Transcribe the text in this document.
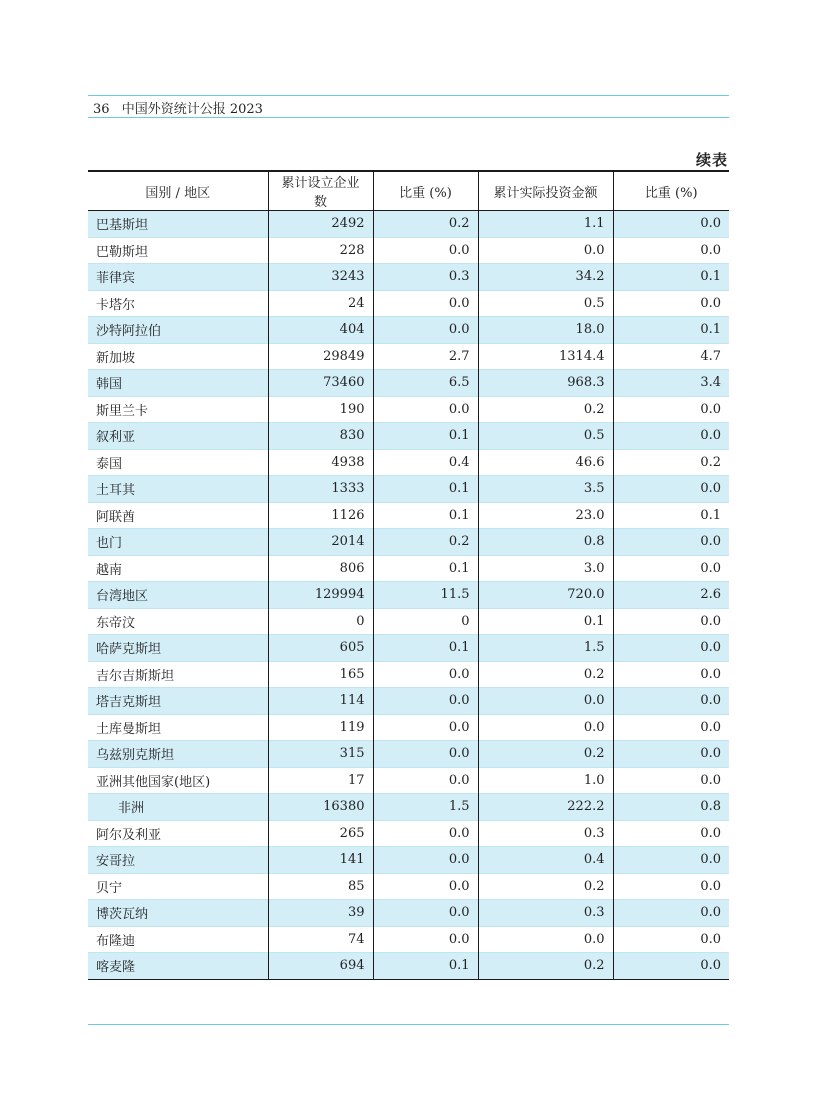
36 中国外资统计公报 2023
续表
国别 / 地区	累计设立企业数	比重 (%)	累计实际投资金额	比重 (%)
巴基斯坦	2492	0.2	1.1	0.0
巴勒斯坦	228	0.0	0.0	0.0
菲律宾	3243	0.3	34.2	0.1
卡塔尔	24	0.0	0.5	0.0
沙特阿拉伯	404	0.0	18.0	0.1
新加坡	29849	2.7	1314.4	4.7
韩国	73460	6.5	968.3	3.4
斯里兰卡	190	0.0	0.2	0.0
叙利亚	830	0.1	0.5	0.0
泰国	4938	0.4	46.6	0.2
土耳其	1333	0.1	3.5	0.0
阿联酋	1126	0.1	23.0	0.1
也门	2014	0.2	0.8	0.0
越南	806	0.1	3.0	0.0
台湾地区	129994	11.5	720.0	2.6
东帝汶	0	0	0.1	0.0
哈萨克斯坦	605	0.1	1.5	0.0
吉尔吉斯斯坦	165	0.0	0.2	0.0
塔吉克斯坦	114	0.0	0.0	0.0
土库曼斯坦	119	0.0	0.0	0.0
乌兹别克斯坦	315	0.0	0.2	0.0
亚洲其他国家(地区)	17	0.0	1.0	0.0
非洲	16380	1.5	222.2	0.8
阿尔及利亚	265	0.0	0.3	0.0
安哥拉	141	0.0	0.4	0.0
贝宁	85	0.0	0.2	0.0
博茨瓦纳	39	0.0	0.3	0.0
布隆迪	74	0.0	0.0	0.0
喀麦隆	694	0.1	0.2	0.0
